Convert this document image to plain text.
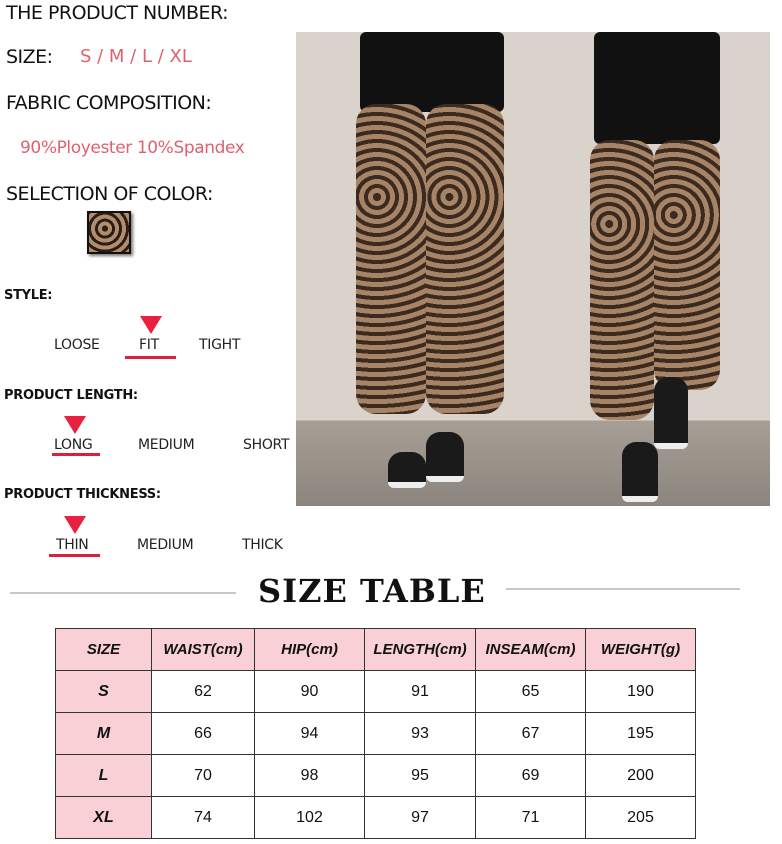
THE PRODUCT NUMBER:
SIZE: S / M / L / XL
FABRIC COMPOSITION:
90%Ployester 10%Spandex
SELECTION OF COLOR:
STYLE:
LOOSE	FIT	TIGHT
PRODUCT LENGTH:
LONG	MEDIUM	SHORT
PRODUCT THICKNESS:
THIN	MEDIUM	THICK
SIZE TABLE
SIZE	WAIST(cm)	HIP(cm)	LENGTH(cm)	INSEAM(cm)	WEIGHT(g)
S	62	90	91	65	190
M	66	94	93	67	195
L	70	98	95	69	200
XL	74	102	97	71	205
